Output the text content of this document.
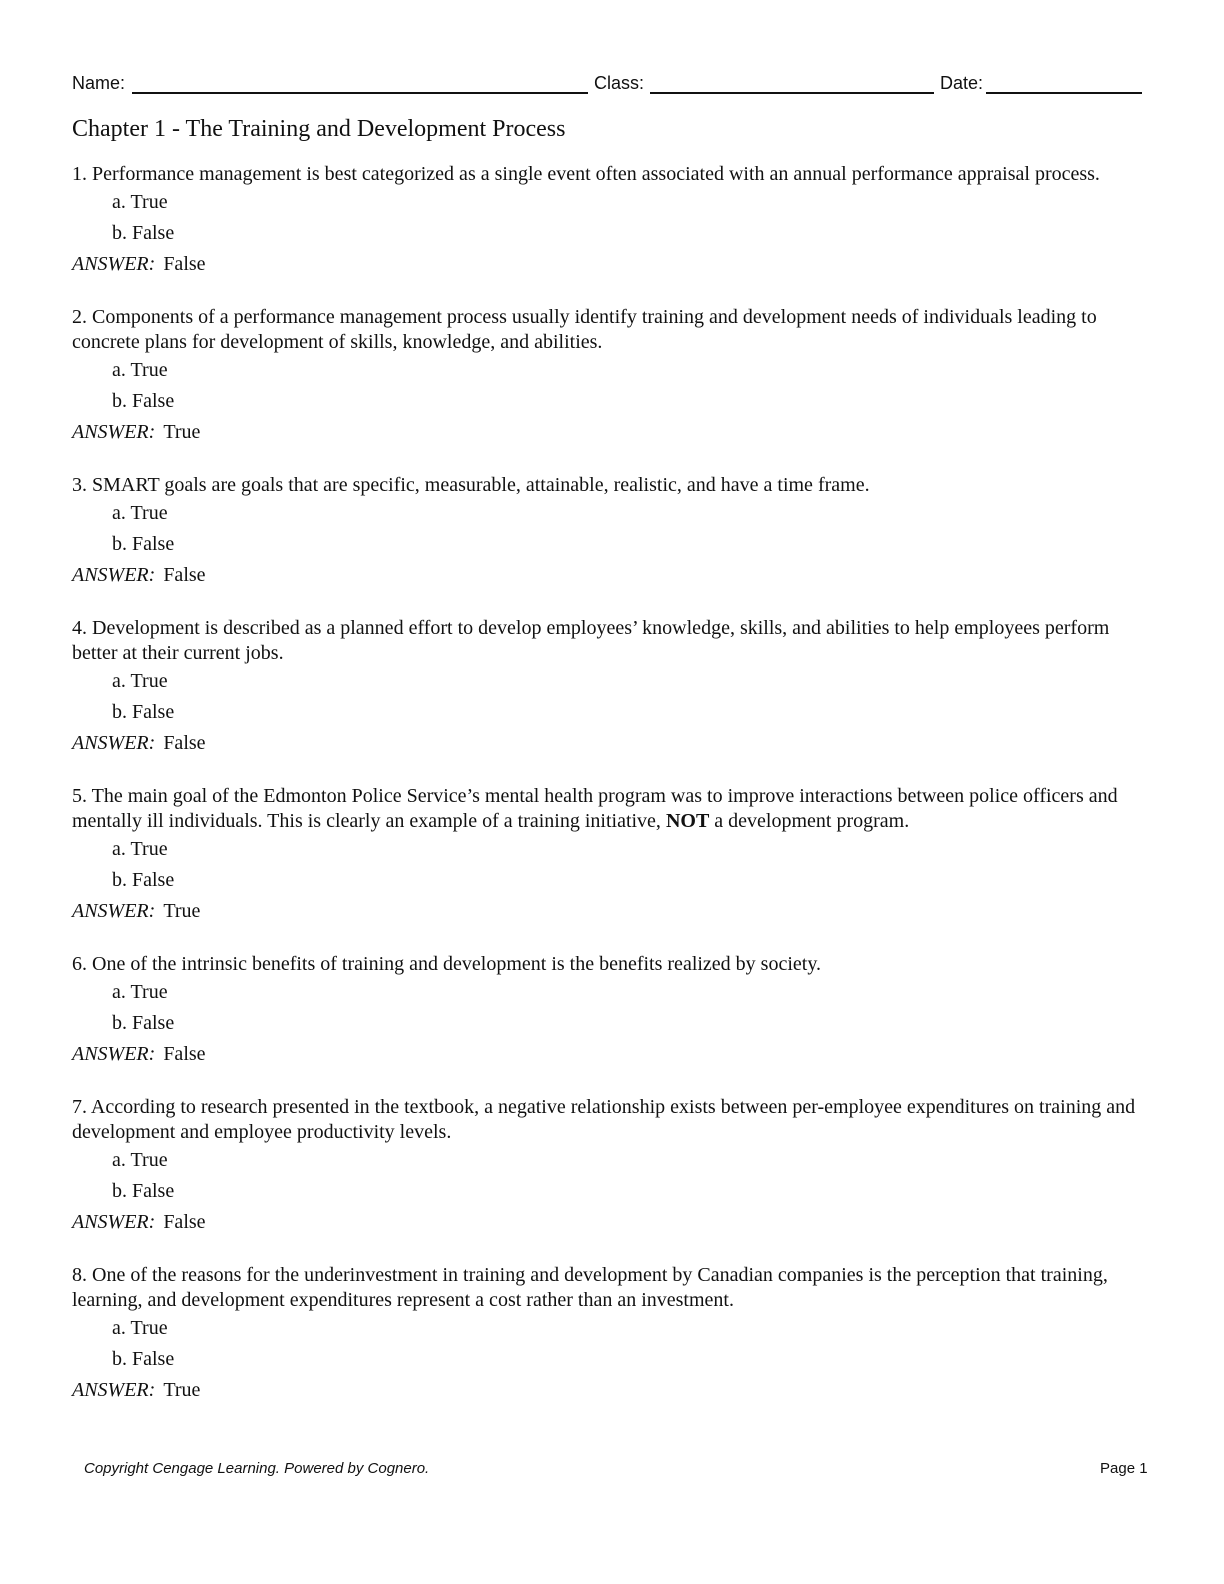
Name:	Class:	Date:
Chapter 1 - The Training and Development Process
1. Performance management is best categorized as a single event often associated with an annual performance appraisal process.
a. True
b. False
ANSWER: False
2. Components of a performance management process usually identify training and development needs of individuals leading to concrete plans for development of skills, knowledge, and abilities.
a. True
b. False
ANSWER: True
3. SMART goals are goals that are specific, measurable, attainable, realistic, and have a time frame.
a. True
b. False
ANSWER: False
4. Development is described as a planned effort to develop employees’ knowledge, skills, and abilities to help employees perform better at their current jobs.
a. True
b. False
ANSWER: False
5. The main goal of the Edmonton Police Service’s mental health program was to improve interactions between police officers and mentally ill individuals. This is clearly an example of a training initiative, NOT a development program.
a. True
b. False
ANSWER: True
6. One of the intrinsic benefits of training and development is the benefits realized by society.
a. True
b. False
ANSWER: False
7. According to research presented in the textbook, a negative relationship exists between per-employee expenditures on training and development and employee productivity levels.
a. True
b. False
ANSWER: False
8. One of the reasons for the underinvestment in training and development by Canadian companies is the perception that training, learning, and development expenditures represent a cost rather than an investment.
a. True
b. False
ANSWER: True
Copyright Cengage Learning. Powered by Cognero.	Page 1
